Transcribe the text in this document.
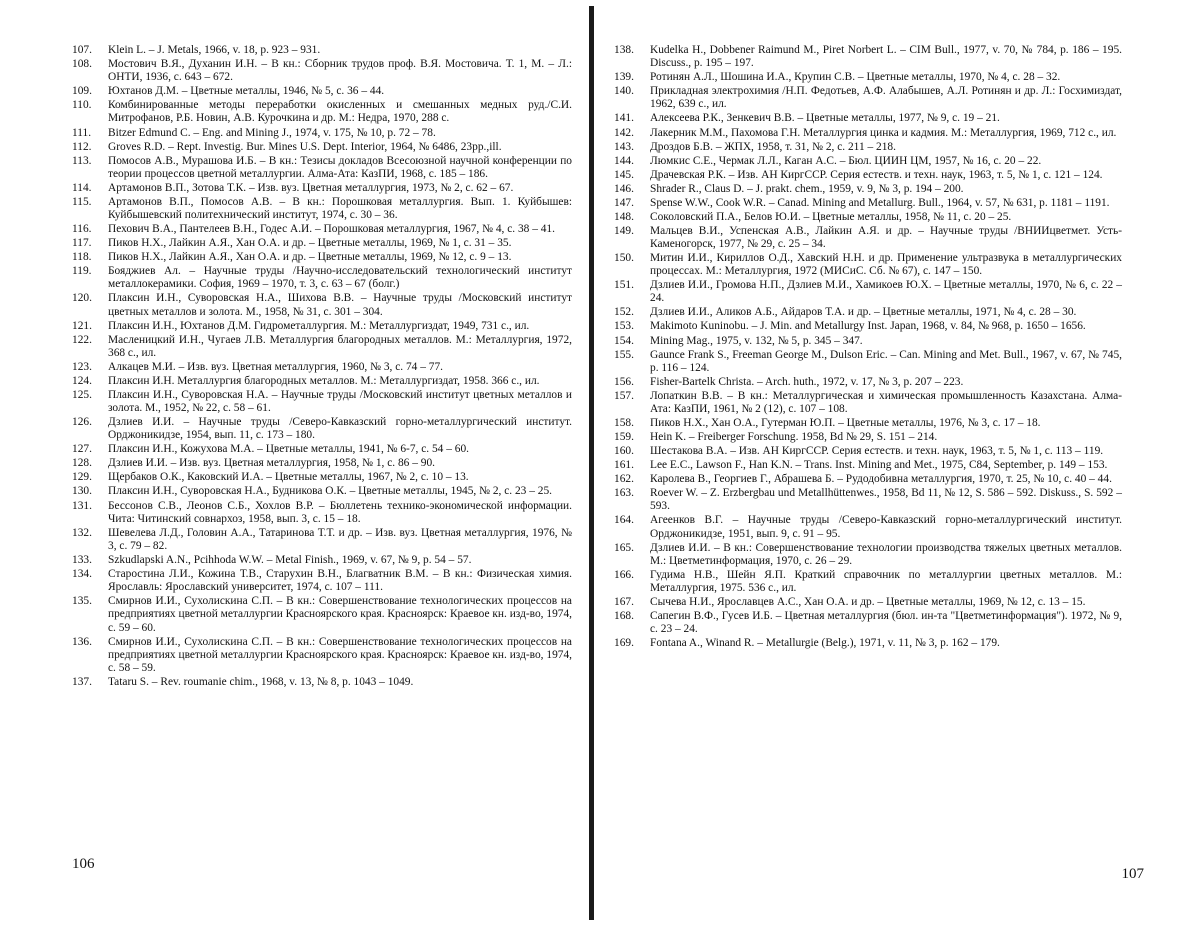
107. Klein L. – J. Metals, 1966, v. 18, p. 923 – 931.
108. Мостович В.Я., Духанин И.Н. – В кн.: Сборник трудов проф. В.Я. Мостовича. Т. 1, М. – Л.: ОНТИ, 1936, с. 643 – 672.
109. Юхтанов Д.М. – Цветные металлы, 1946, № 5, с. 36 – 44.
110. Комбинированные методы переработки окисленных и смешанных медных руд./С.И. Митрофанов, Р.Б. Новин, А.В. Курочкина и др. М.: Недра, 1970, 288 с.
111. Bitzer Edmund C. – Eng. and Mining J., 1974, v. 175, № 10, p. 72 – 78.
112. Groves R.D. – Rept. Investig. Bur. Mines U.S. Dept. Interior, 1964, № 6486, 23pp.,ill.
113. Помосов А.В., Мурашова И.Б. – В кн.: Тезисы докладов Всесоюзной научной конференции по теории процессов цветной металлургии. Алма-Ата: КазПИ, 1968, с. 185 – 186.
114. Артамонов В.П., Зотова Т.К. – Изв. вуз. Цветная металлургия, 1973, № 2, с. 62 – 67.
115. Артамонов В.П., Помосов А.В. – В кн.: Порошковая металлургия. Вып. 1. Куйбышев: Куйбышевский политехнический институт, 1974, с. 30 – 36.
116. Пехович В.А., Пантелеев В.Н., Годес А.И. – Порошковая металлургия, 1967, № 4, с. 38 – 41.
117. Пиков Н.Х., Лайкин А.Я., Хан О.А. и др. – Цветные металлы, 1969, № 1, с. 31 – 35.
118. Пиков Н.Х., Лайкин А.Я., Хан О.А. и др. – Цветные металлы, 1969, № 12, с. 9 – 13.
119. Бояджиев Ал. – Научные труды /Научно-исследовательский технологический институт металлокерамики. София, 1969 – 1970, т. 3, с. 63 – 67 (болг.)
120. Плаксин И.Н., Суворовская Н.А., Шихова В.В. – Научные труды /Московский институт цветных металлов и золота. М., 1958, № 31, с. 301 – 304.
121. Плаксин И.Н., Юхтанов Д.М. Гидрометаллургия. М.: Металлургиздат, 1949, 731 с., ил.
122. Масленицкий И.Н., Чугаев Л.В. Металлургия благородных металлов. М.: Металлургия, 1972, 368 с., ил.
123. Алкацев М.И. – Изв. вуз. Цветная металлургия, 1960, № 3, с. 74 – 77.
124. Плаксин И.Н. Металлургия благородных металлов. М.: Металлургиздат, 1958. 366 с., ил.
125. Плаксин И.Н., Суворовская Н.А. – Научные труды /Московский институт цветных металлов и золота. М., 1952, № 22, с. 58 – 61.
126. Дзлиев И.И. – Научные труды /Северо-Кавказский горно-металлургический институт. Орджоникидзе, 1954, вып. 11, с. 173 – 180.
127. Плаксин И.Н., Кожухова М.А. – Цветные металлы, 1941, № 6-7, с. 54 – 60.
128. Дзлиев И.И. – Изв. вуз. Цветная металлургия, 1958, № 1, с. 86 – 90.
129. Щербаков О.К., Каковский И.А. – Цветные металлы, 1967, № 2, с. 10 – 13.
130. Плаксин И.Н., Суворовская Н.А., Будникова О.К. – Цветные металлы, 1945, № 2, с. 23 – 25.
131. Бессонов С.В., Леонов С.Б., Хохлов В.Р. – Бюллетень технико-экономической информации. Чита: Читинский совнархоз, 1958, вып. 3, с. 15 – 18.
132. Шевелева Л.Д., Головин А.А., Татаринова Т.Т. и др. – Изв. вуз. Цветная металлургия, 1976, № 3, с. 79 – 82.
133. Szkudlapski A.N., Pcihhoda W.W. – Metal Finish., 1969, v. 67, № 9, p. 54 – 57.
134. Старостина Л.И., Кожина Т.В., Старухин В.Н., Благватник В.М. – В кн.: Физическая химия. Ярославль: Ярославский университет, 1974, с. 107 – 111.
135. Смирнов И.И., Сухолискина С.П. – В кн.: Совершенствование технологических процессов на предприятиях цветной металлургии Красноярского края. Красноярск: Краевое кн. изд-во, 1974, с. 59 – 60.
136. Смирнов И.И., Сухолискина С.П. – В кн.: Совершенствование технологических процессов на предприятиях цветной металлургии Красноярского края. Красноярск: Краевое кн. изд-во, 1974, с. 58 – 59.
137. Tataru S. – Rev. roumanie chim., 1968, v. 13, № 8, p. 1043 – 1049.
106
138. Kudelka H., Dobbener Raimund M., Piret Norbert L. – CIM Bull., 1977, v. 70, № 784, p. 186 – 195. Discuss., p. 195 – 197.
139. Ротинян А.Л., Шошина И.А., Крупин С.В. – Цветные металлы, 1970, № 4, с. 28 – 32.
140. Прикладная электрохимия /Н.П. Федотьев, А.Ф. Алабышев, А.Л. Ротинян и др. Л.: Госхимиздат, 1962, 639 с., ил.
141. Алексеева Р.К., Зенкевич В.В. – Цветные металлы, 1977, № 9, с. 19 – 21.
142. Лакерник М.М., Пахомова Г.Н. Металлургия цинка и кадмия. М.: Металлургия, 1969, 712 с., ил.
143. Дроздов Б.В. – ЖПХ, 1958, т. 31, № 2, с. 211 – 218.
144. Люмкис С.Е., Чермак Л.Л., Каган А.С. – Бюл. ЦИИН ЦМ, 1957, № 16, с. 20 – 22.
145. Драчевская Р.К. – Изв. АН КиргССР. Серия естеств. и техн. наук, 1963, т. 5, № 1, с. 121 – 124.
146. Shrader R., Claus D. – J. prakt. chem., 1959, v. 9, № 3, p. 194 – 200.
147. Spense W.W., Cook W.R. – Canad. Mining and Metallurg. Bull., 1964, v. 57, № 631, p. 1181 – 1191.
148. Соколовский П.А., Белов Ю.И. – Цветные металлы, 1958, № 11, с. 20 – 25.
149. Мальцев В.И., Успенская А.В., Лайкин А.Я. и др. – Научные труды /ВНИИцветмет. Усть-Каменогорск, 1977, № 29, с. 25 – 34.
150. Митин И.И., Кириллов О.Д., Хавский Н.Н. и др. Применение ультразвука в металлургических процессах. М.: Металлургия, 1972 (МИСиС. Сб. № 67), с. 147 – 150.
151. Дзлиев И.И., Громова Н.П., Дзлиев М.И., Хамикоев Ю.Х. – Цветные металлы, 1970, № 6, с. 22 – 24.
152. Дзлиев И.И., Аликов А.Б., Айдаров Т.А. и др. – Цветные металлы, 1971, № 4, с. 28 – 30.
153. Makimoto Kuninobu. – J. Min. and Metallurgy Inst. Japan, 1968, v. 84, № 968, p. 1650 – 1656.
154. Mining Mag., 1975, v. 132, № 5, p. 345 – 347.
155. Gaunce Frank S., Freeman George M., Dulson Eric. – Can. Mining and Met. Bull., 1967, v. 67, № 745, p. 116 – 124.
156. Fisher-Bartelk Christa. – Arch. huth., 1972, v. 17, № 3, p. 207 – 223.
157. Лопаткин В.В. – В кн.: Металлургическая и химическая промышленность Казахстана. Алма-Ата: КазПИ, 1961, № 2 (12), с. 107 – 108.
158. Пиков Н.Х., Хан О.А., Гутерман Ю.П. – Цветные металлы, 1976, № 3, с. 17 – 18.
159. Hein K. – Freiberger Forschung. 1958, Bd № 29, S. 151 – 214.
160. Шестакова В.А. – Изв. АН КиргССР. Серия естеств. и техн. наук, 1963, т. 5, № 1, с. 113 – 119.
161. Lee E.C., Lawson F., Han K.N. – Trans. Inst. Mining and Met., 1975, C84, September, p. 149 – 153.
162. Каролева В., Георгиев Г., Абрашева Б. – Рудодобивна металлургия, 1970, т. 25, № 10, с. 40 – 44.
163. Roever W. – Z. Erzbergbau und Metallhüttenwes., 1958, Bd 11, № 12, S. 586 – 592. Diskuss., S. 592 – 593.
164. Агеенков В.Г. – Научные труды /Северо-Кавказский горно-металлургический институт. Орджоникидзе, 1951, вып. 9, с. 91 – 95.
165. Дзлиев И.И. – В кн.: Совершенствование технологии производства тяжелых цветных металлов. М.: Цветметинформация, 1970, с. 26 – 29.
166. Гудима Н.В., Шейн Я.П. Краткий справочник по металлургии цветных металлов. М.: Металлургия, 1975. 536 с., ил.
167. Сычева Н.И., Ярославцев А.С., Хан О.А. и др. – Цветные металлы, 1969, № 12, с. 13 – 15.
168. Сапегин В.Ф., Гусев И.Б. – Цветная металлургия (бюл. ин-та "Цветметинформация"). 1972, № 9, с. 23 – 24.
169. Fontana A., Winand R. – Metallurgie (Belg.), 1971, v. 11, № 3, p. 162 – 179.
107
